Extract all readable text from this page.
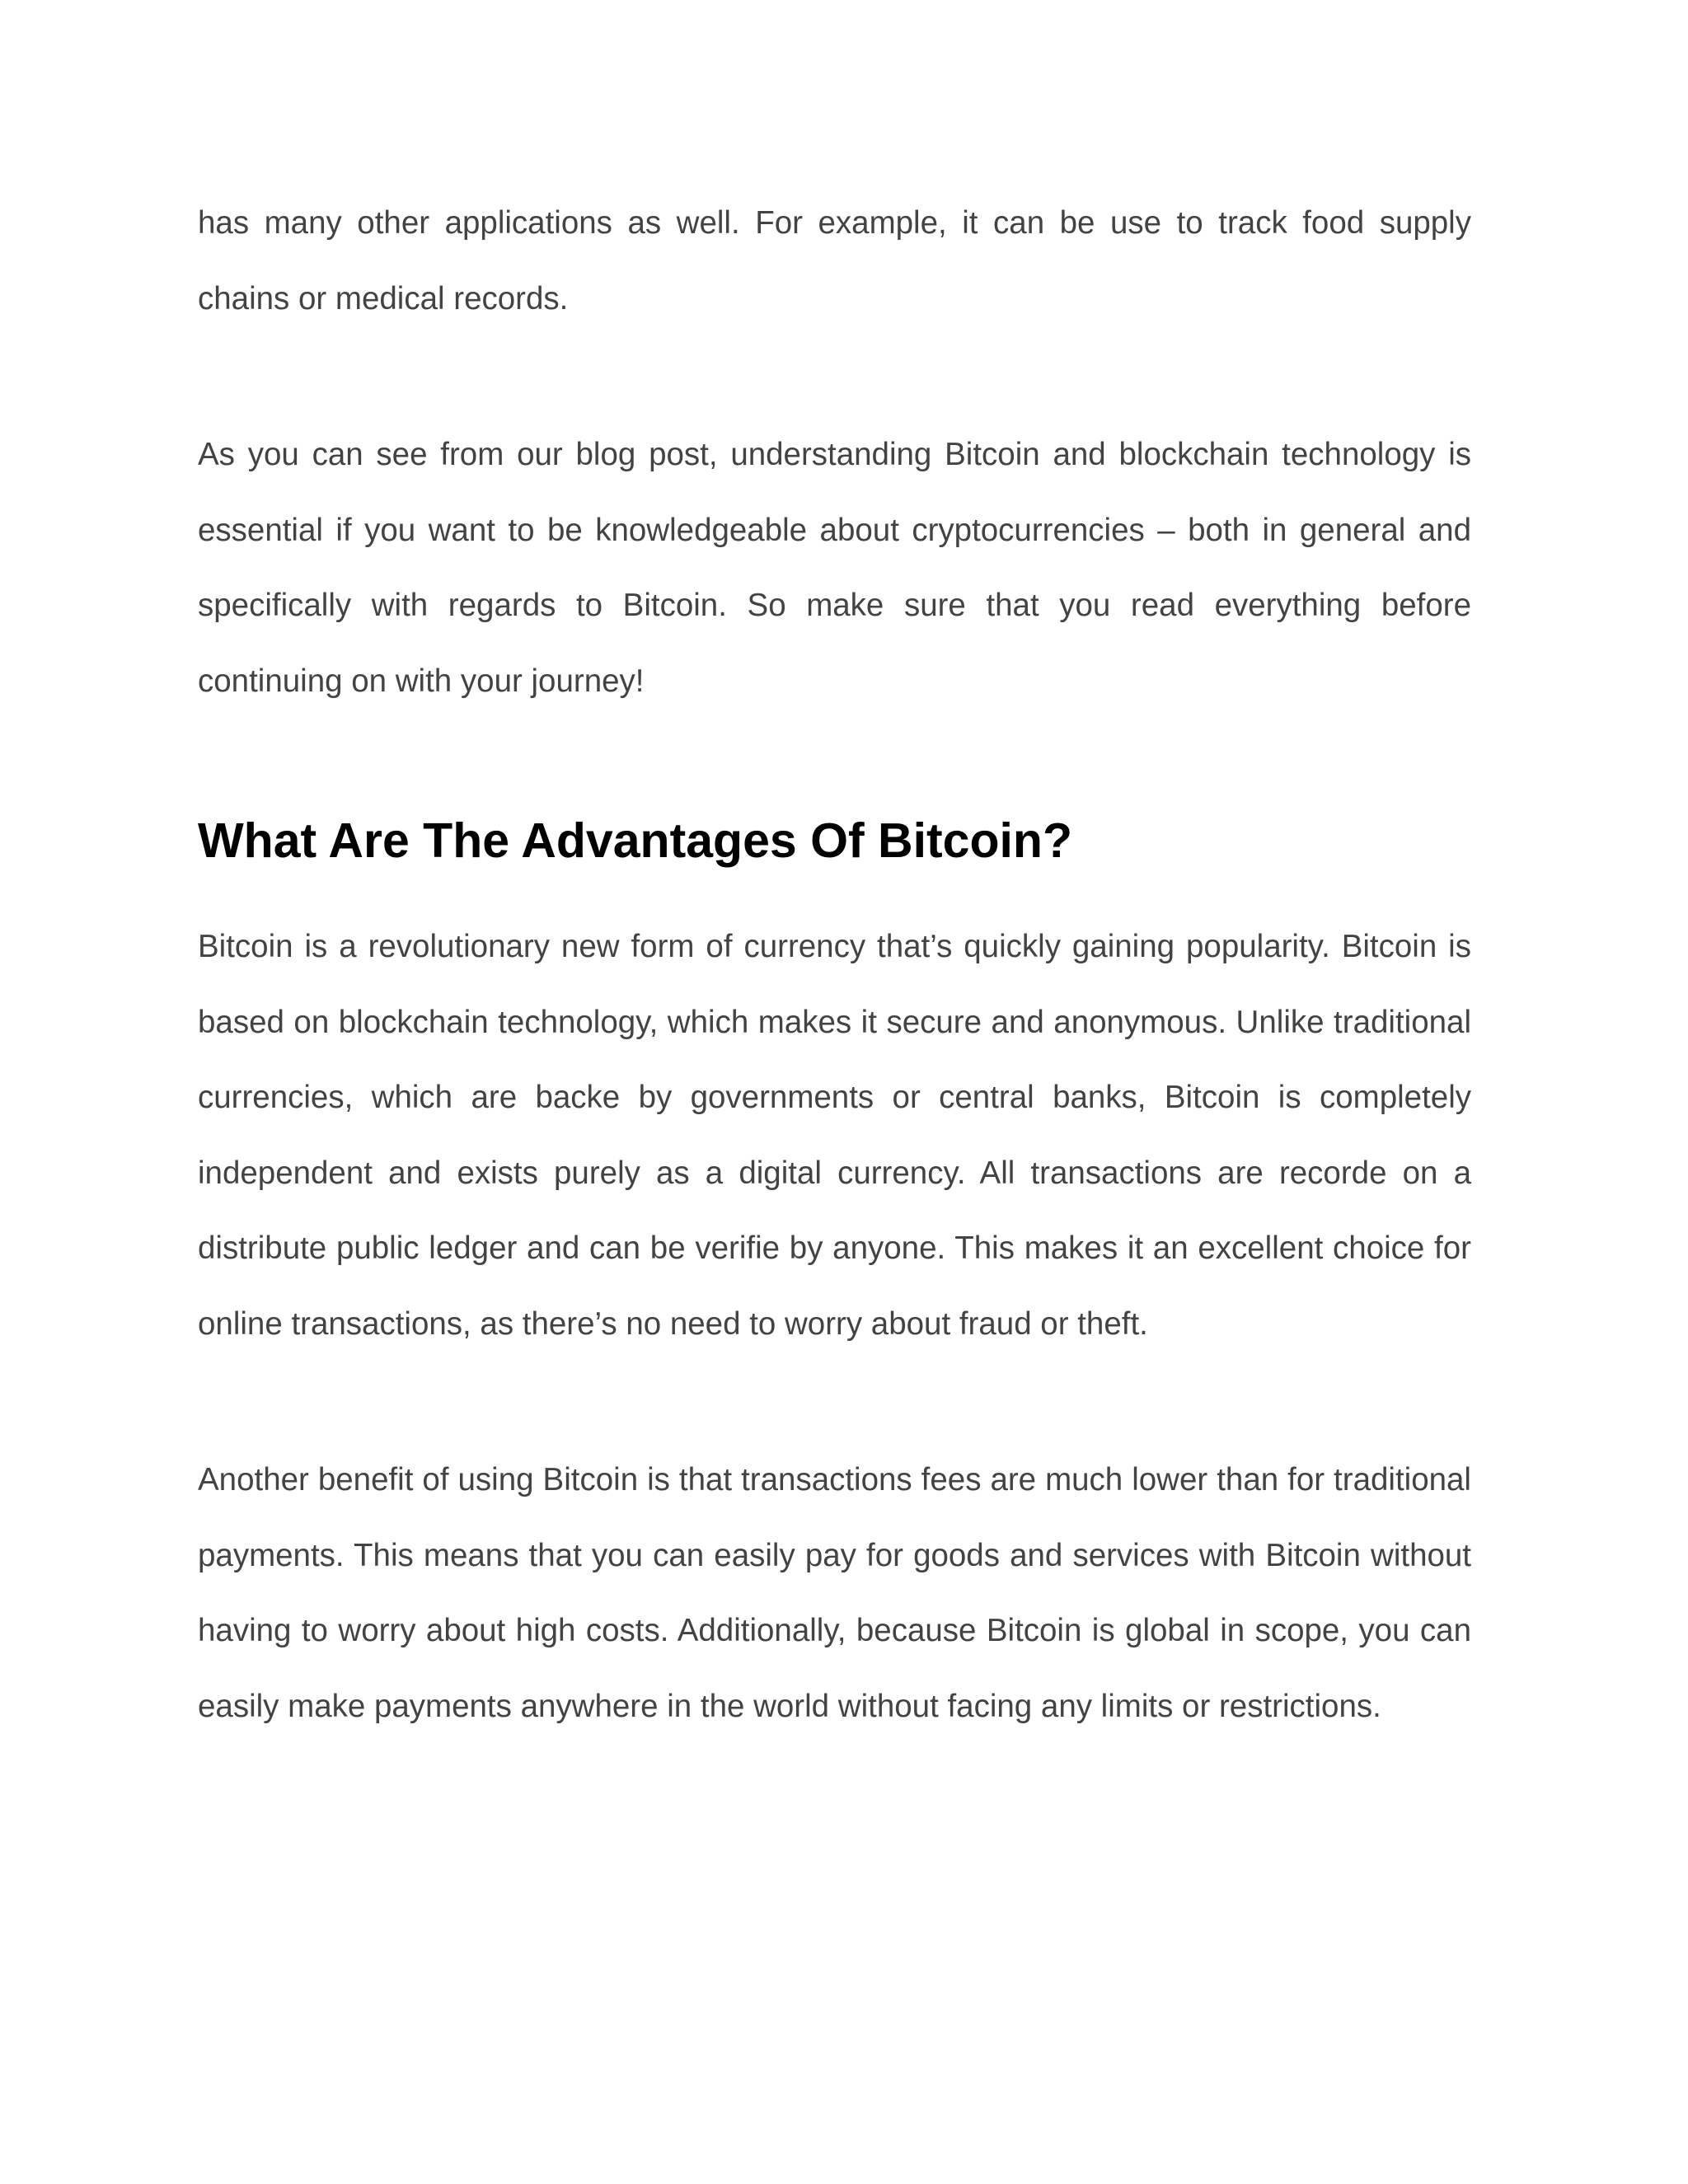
has many other applications as well. For example, it can be use to track food supply chains or medical records.

As you can see from our blog post, understanding Bitcoin and blockchain technology is essential if you want to be knowledgeable about cryptocurrencies – both in general and specifically with regards to Bitcoin. So make sure that you read everything before continuing on with your journey!

What Are The Advantages Of Bitcoin?

Bitcoin is a revolutionary new form of currency that’s quickly gaining popularity. Bitcoin is based on blockchain technology, which makes it secure and anonymous. Unlike traditional currencies, which are backe by governments or central banks, Bitcoin is completely independent and exists purely as a digital currency. All transactions are recorde on a distribute public ledger and can be verifie by anyone. This makes it an excellent choice for online transactions, as there’s no need to worry about fraud or theft.

Another benefit of using Bitcoin is that transactions fees are much lower than for traditional payments. This means that you can easily pay for goods and services with Bitcoin without having to worry about high costs. Additionally, because Bitcoin is global in scope, you can easily make payments anywhere in the world without facing any limits or restrictions.
